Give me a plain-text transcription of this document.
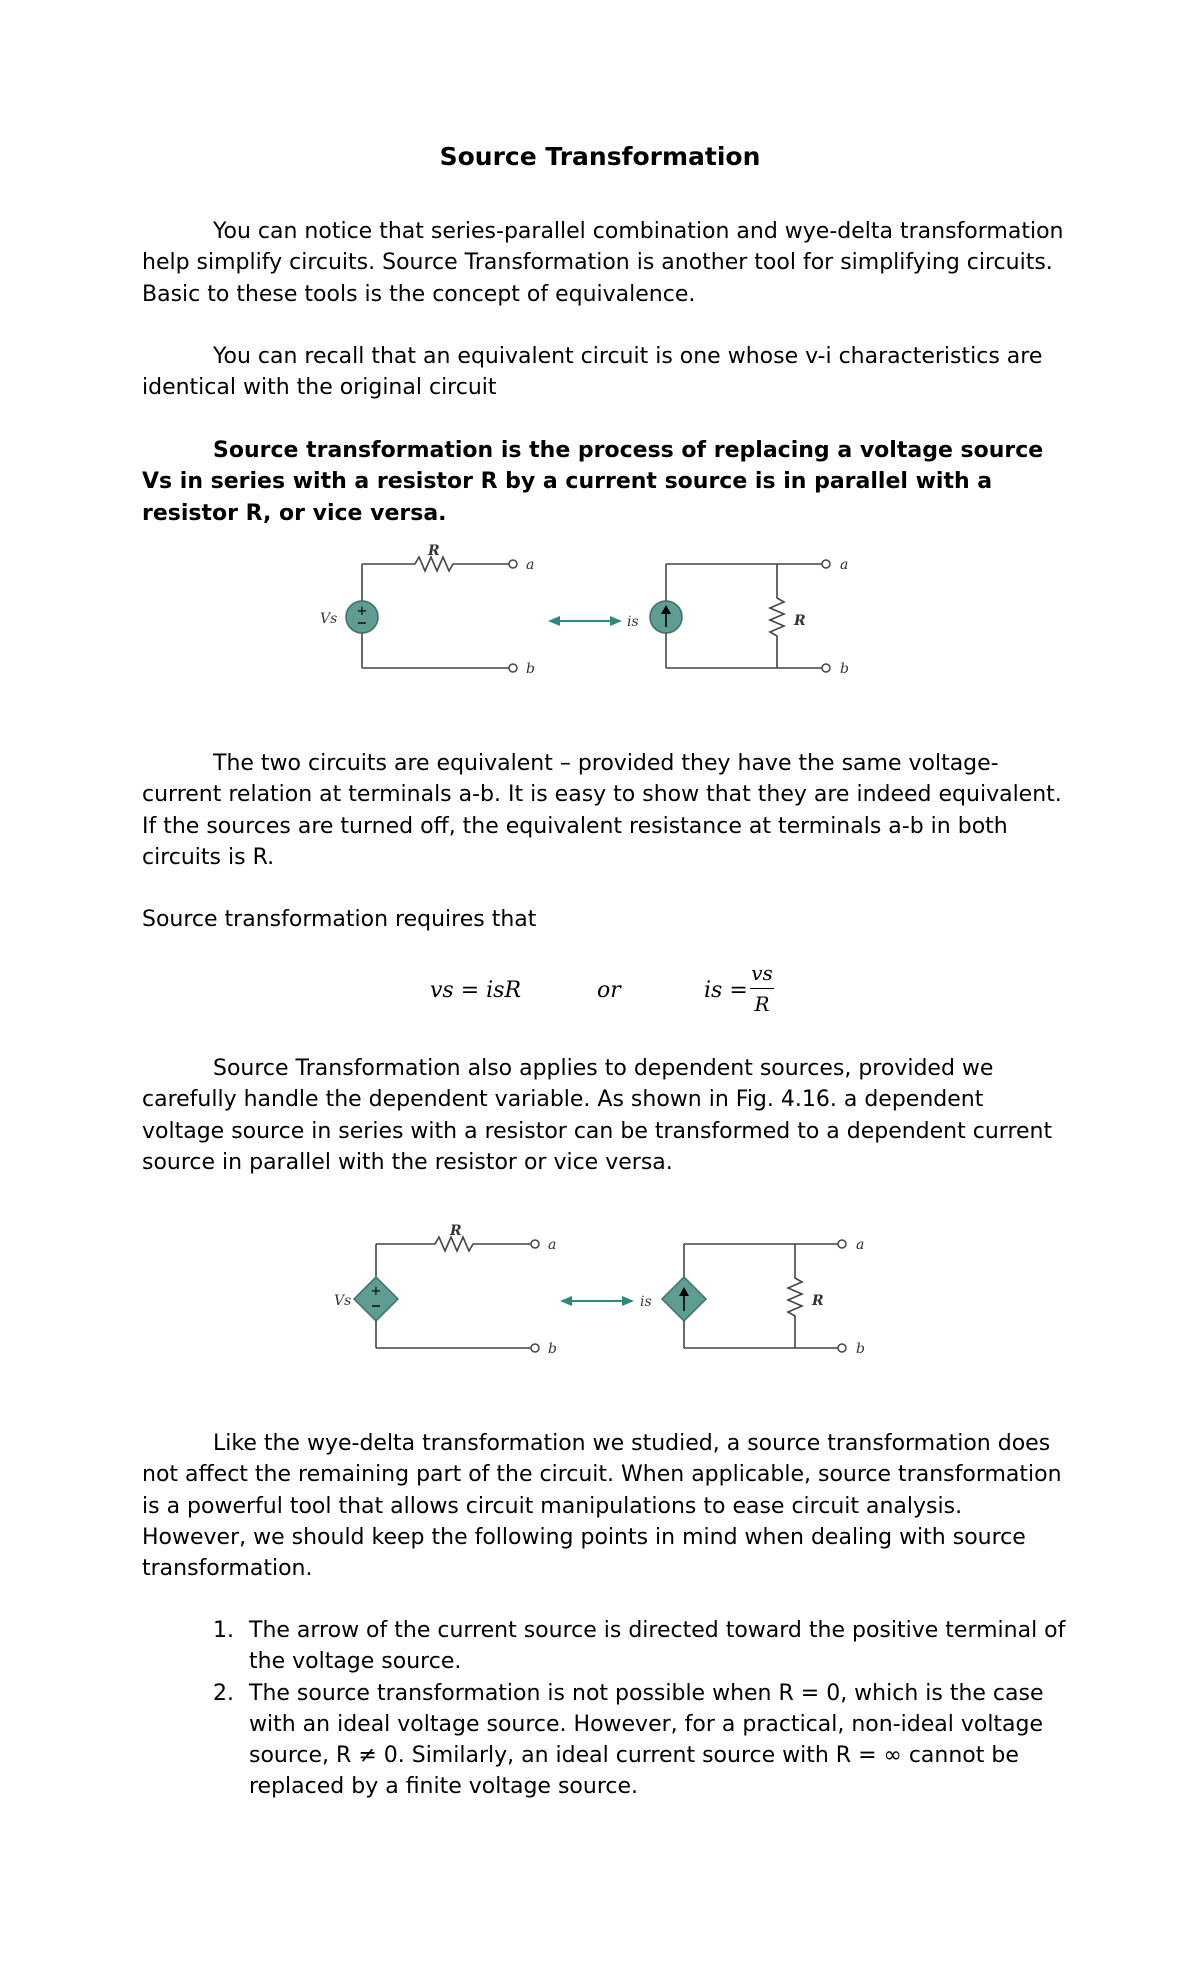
Source Transformation

You can notice that series-parallel combination and wye-delta transformation help simplify circuits. Source Transformation is another tool for simplifying circuits. Basic to these tools is the concept of equivalence.

You can recall that an equivalent circuit is one whose v-i characteristics are identical with the original circuit

Source transformation is the process of replacing a voltage source Vs in series with a resistor R by a current source is in parallel with a resistor R, or vice versa.

R
a
+
Vs
b
is	R
a
b

The two circuits are equivalent – provided they have the same voltage-current relation at terminals a-b. It is easy to show that they are indeed equivalent. If the sources are turned off, the equivalent resistance at terminals a-b in both circuits is R.

Source transformation requires that

vs = isR	or	is =
vs
R

Source Transformation also applies to dependent sources, provided we carefully handle the dependent variable. As shown in Fig. 4.16. a dependent voltage source in series with a resistor can be transformed to a dependent current source in parallel with the resistor or vice versa.

R
a
+
Vs
b
is	R
a
b

Like the wye-delta transformation we studied, a source transformation does not affect the remaining part of the circuit. When applicable, source transformation is a powerful tool that allows circuit manipulations to ease circuit analysis. However, we should keep the following points in mind when dealing with source transformation.

1. The arrow of the current source is directed toward the positive terminal of the voltage source.
2. The source transformation is not possible when R = 0, which is the case with an ideal voltage source. However, for a practical, non-ideal voltage source, R ≠ 0. Similarly, an ideal current source with R = ∞ cannot be replaced by a finite voltage source.
